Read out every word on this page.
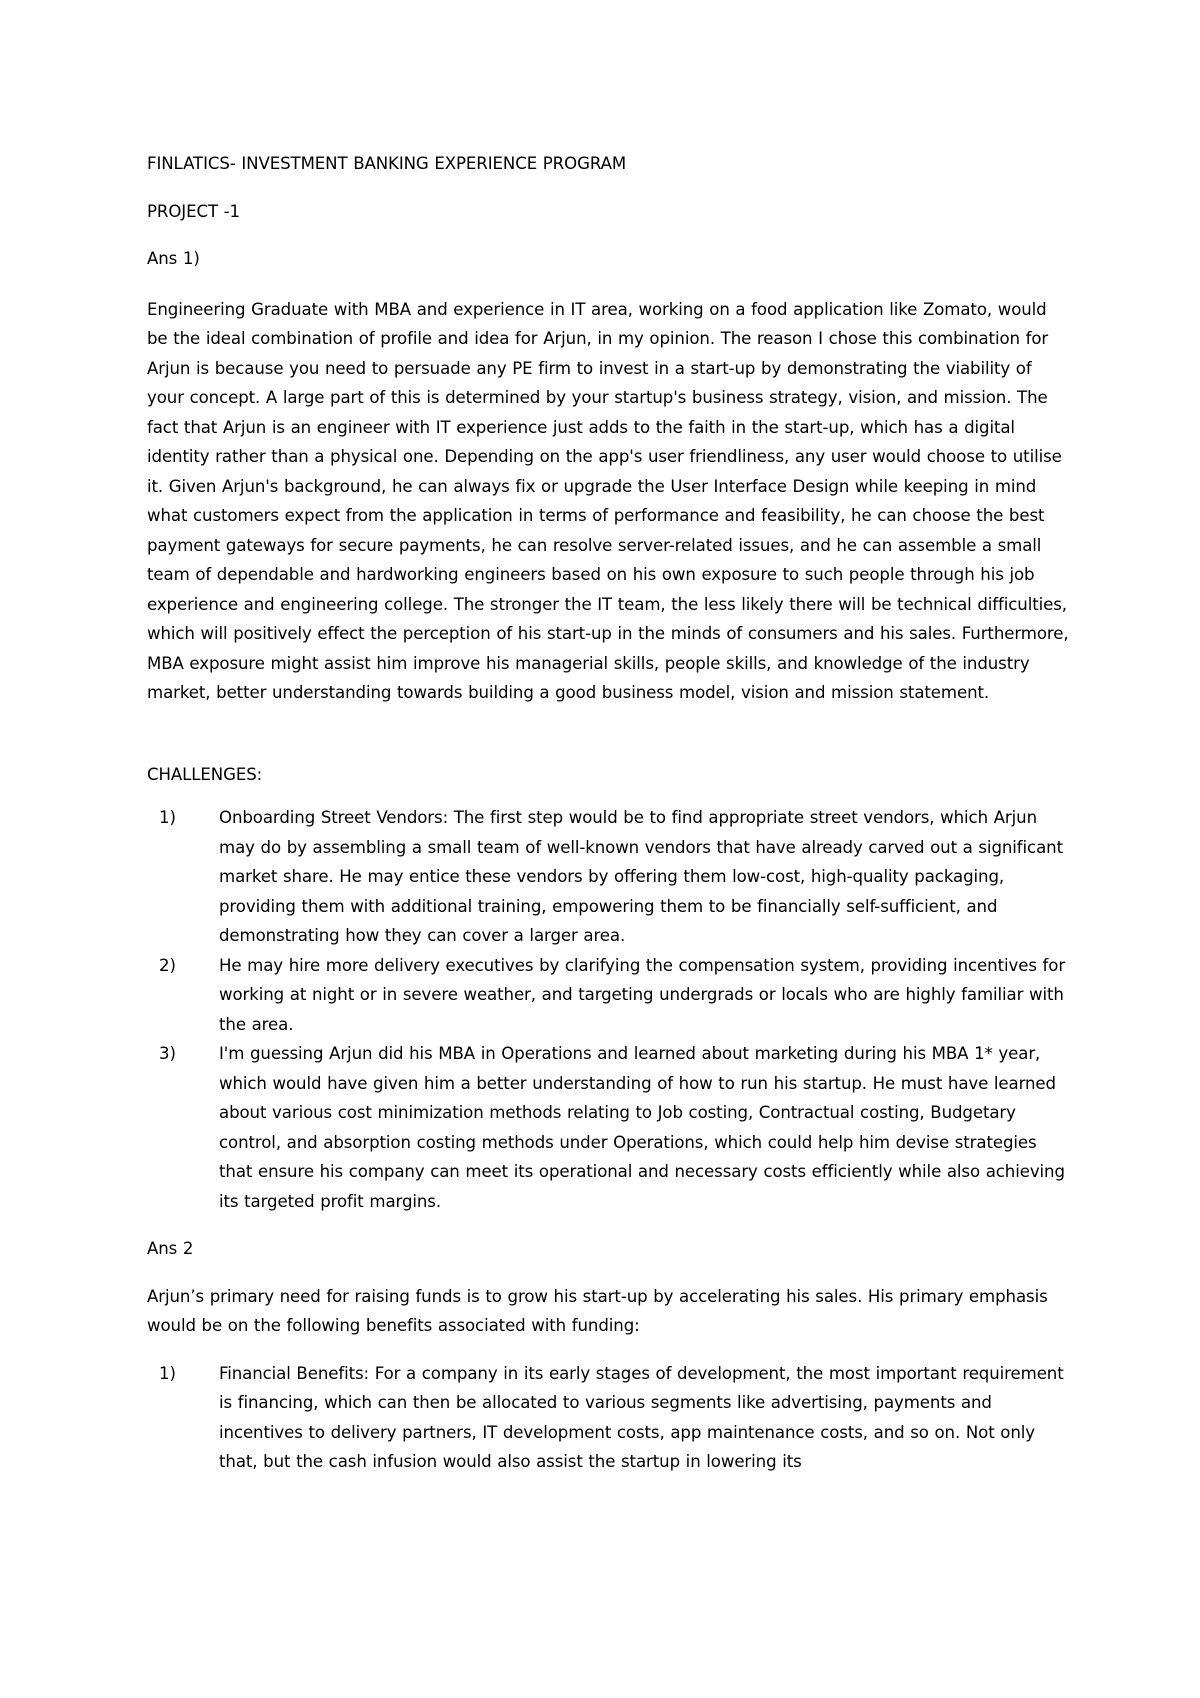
FINLATICS- INVESTMENT BANKING EXPERIENCE PROGRAM

PROJECT -1

Ans 1)

Engineering Graduate with MBA and experience in IT area, working on a food application like Zomato, would be the ideal combination of profile and idea for Arjun, in my opinion. The reason I chose this combination for Arjun is because you need to persuade any PE firm to invest in a start-up by demonstrating the viability of your concept. A large part of this is determined by your startup's business strategy, vision, and mission. The fact that Arjun is an engineer with IT experience just adds to the faith in the start-up, which has a digital identity rather than a physical one. Depending on the app's user friendliness, any user would choose to utilise it. Given Arjun's background, he can always fix or upgrade the User Interface Design while keeping in mind what customers expect from the application in terms of performance and feasibility, he can choose the best payment gateways for secure payments, he can resolve server-related issues, and he can assemble a small team of dependable and hardworking engineers based on his own exposure to such people through his job experience and engineering college. The stronger the IT team, the less likely there will be technical difficulties, which will positively effect the perception of his start-up in the minds of consumers and his sales. Furthermore, MBA exposure might assist him improve his managerial skills, people skills, and knowledge of the industry market, better understanding towards building a good business model, vision and mission statement.

CHALLENGES:

1)	Onboarding Street Vendors: The first step would be to find appropriate street vendors, which Arjun may do by assembling a small team of well-known vendors that have already carved out a significant market share. He may entice these vendors by offering them low-cost, high-quality packaging, providing them with additional training, empowering them to be financially self-sufficient, and demonstrating how they can cover a larger area.
2)	He may hire more delivery executives by clarifying the compensation system, providing incentives for working at night or in severe weather, and targeting undergrads or locals who are highly familiar with the area.
3)	I'm guessing Arjun did his MBA in Operations and learned about marketing during his MBA 1* year, which would have given him a better understanding of how to run his startup. He must have learned about various cost minimization methods relating to Job costing, Contractual costing, Budgetary control, and absorption costing methods under Operations, which could help him devise strategies that ensure his company can meet its operational and necessary costs efficiently while also achieving its targeted profit margins.

Ans 2

Arjun’s primary need for raising funds is to grow his start-up by accelerating his sales. His primary emphasis would be on the following benefits associated with funding:

1)	Financial Benefits: For a company in its early stages of development, the most important requirement is financing, which can then be allocated to various segments like advertising, payments and incentives to delivery partners, IT development costs, app maintenance costs, and so on. Not only that, but the cash infusion would also assist the startup in lowering its
